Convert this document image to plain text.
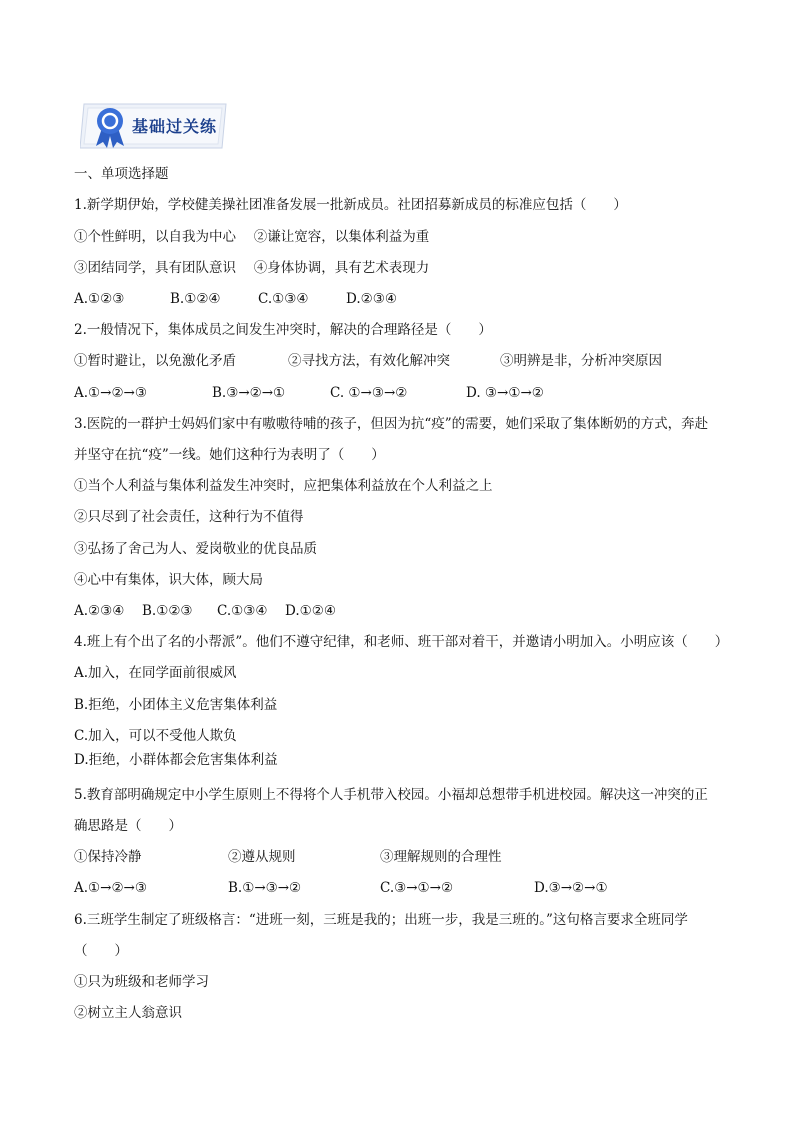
基础过关练
一、单项选择题
1.新学期伊始，学校健美操社团准备发展一批新成员。社团招募新成员的标准应包括（　　）
①个性鲜明，以自我为中心　 ②谦让宽容，以集体利益为重
③团结同学，具有团队意识　 ④身体协调，具有艺术表现力
A.①②③	B.①②④	C.①③④	D.②③④
2.一般情况下，集体成员之间发生冲突时，解决的合理路径是（　　）
①暂时避让，以免激化矛盾	②寻找方法，有效化解冲突	③明辨是非，分析冲突原因
A.①→②→③	B.③→②→①	C. ①→③→②	D. ③→①→②
3.医院的一群护士妈妈们家中有嗷嗷待哺的孩子，但因为抗“疫”的需要，她们采取了集体断奶的方式，奔赴
并坚守在抗“疫”一线。她们这种行为表明了（　　）
①当个人利益与集体利益发生冲突时，应把集体利益放在个人利益之上
②只尽到了社会责任，这种行为不值得
③弘扬了舍己为人、爱岗敬业的优良品质
④心中有集体，识大体，顾大局
A.②③④ B.①②③ C.①③④ D.①②④
4.班上有个出了名的小帮派”。他们不遵守纪律，和老师、班干部对着干，并邀请小明加入。小明应该（　　）
A.加入，在同学面前很威风
B.拒绝，小团体主义危害集体利益
C.加入，可以不受他人欺负
D.拒绝，小群体都会危害集体利益
5.教育部明确规定中小学生原则上不得将个人手机带入校园。小福却总想带手机进校园。解决这一冲突的正
确思路是（　　）
①保持冷静	②遵从规则	③理解规则的合理性
A.①→②→③	B.①→③→②	C.③→①→②	D.③→②→①
6.三班学生制定了班级格言：“进班一刻，三班是我的；出班一步，我是三班的。”这句格言要求全班同学
（　　）
①只为班级和老师学习
②树立主人翁意识
